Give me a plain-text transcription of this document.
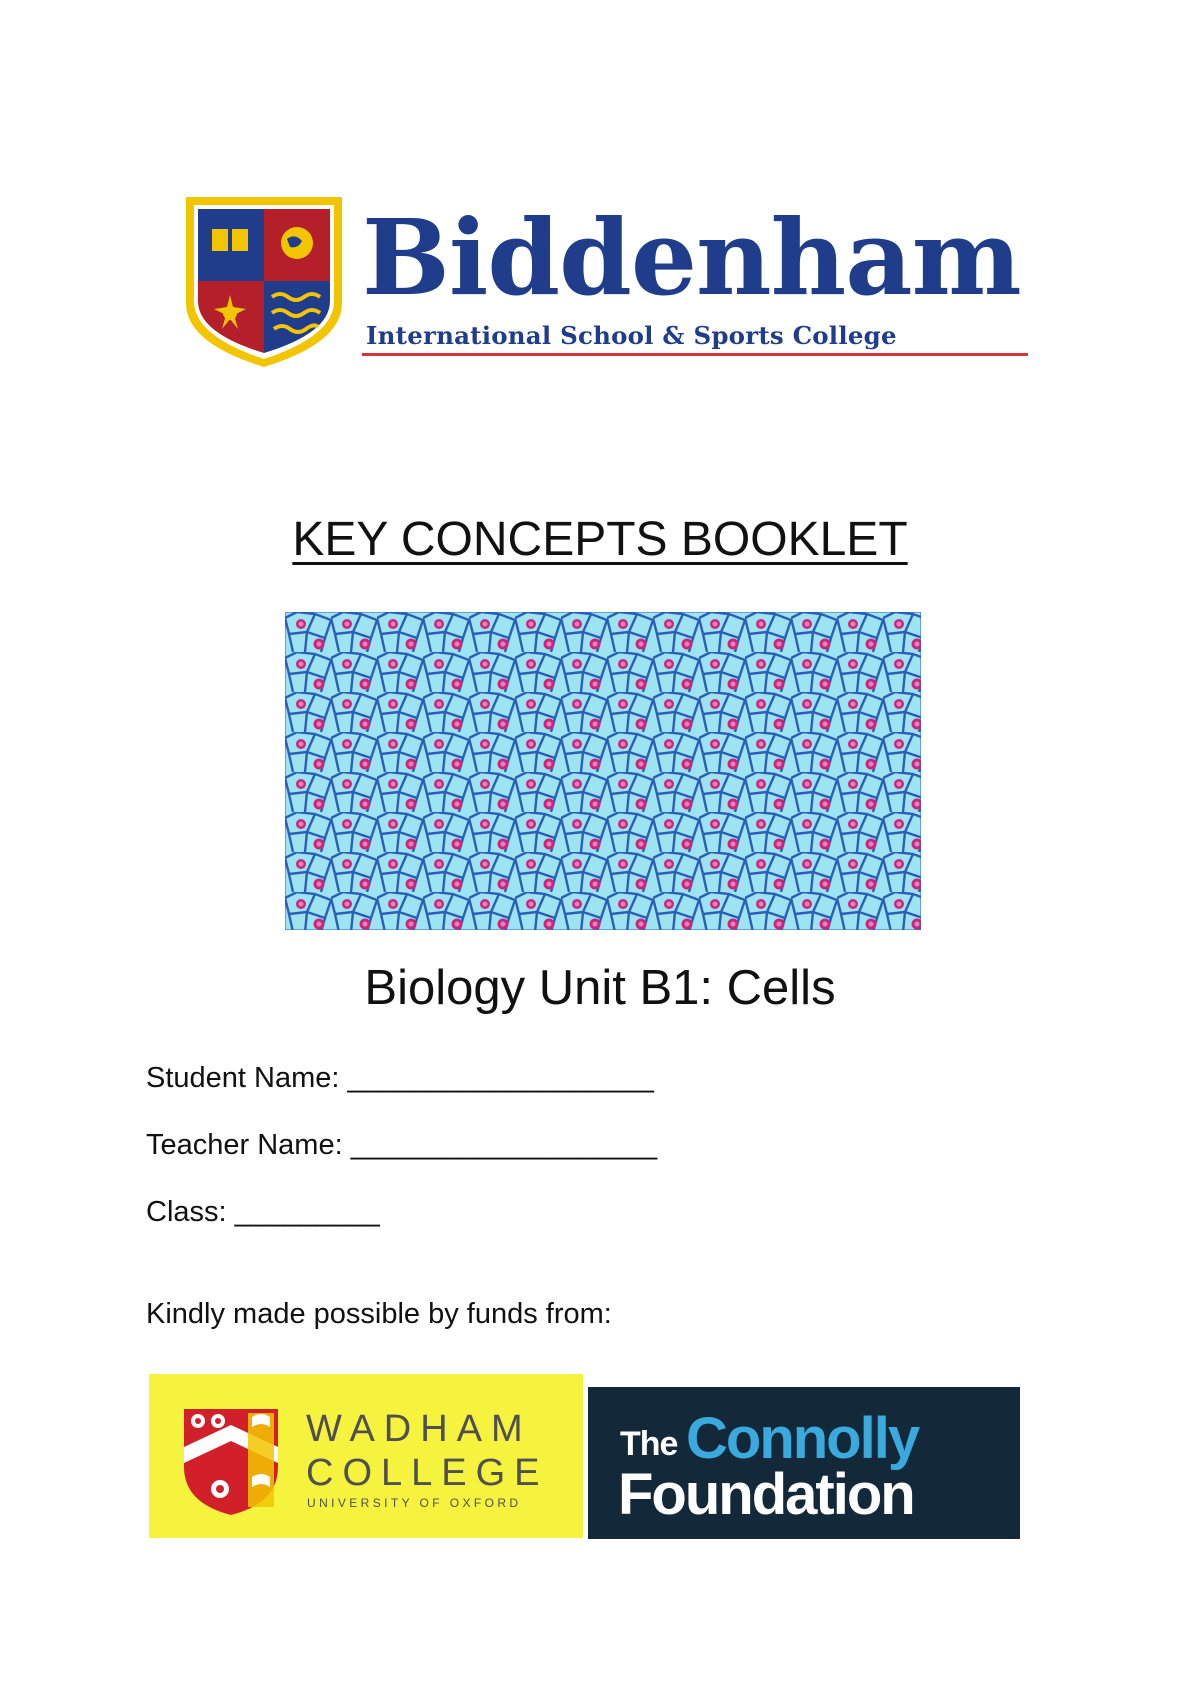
Biddenham
International School & Sports College
KEY CONCEPTS BOOKLET
Biology Unit B1: Cells
Student Name: ___________________
Teacher Name: ___________________
Class: _________
Kindly made possible by funds from:
WADHAM
COLLEGE
UNIVERSITY OF OXFORD
The Connolly
Foundation
